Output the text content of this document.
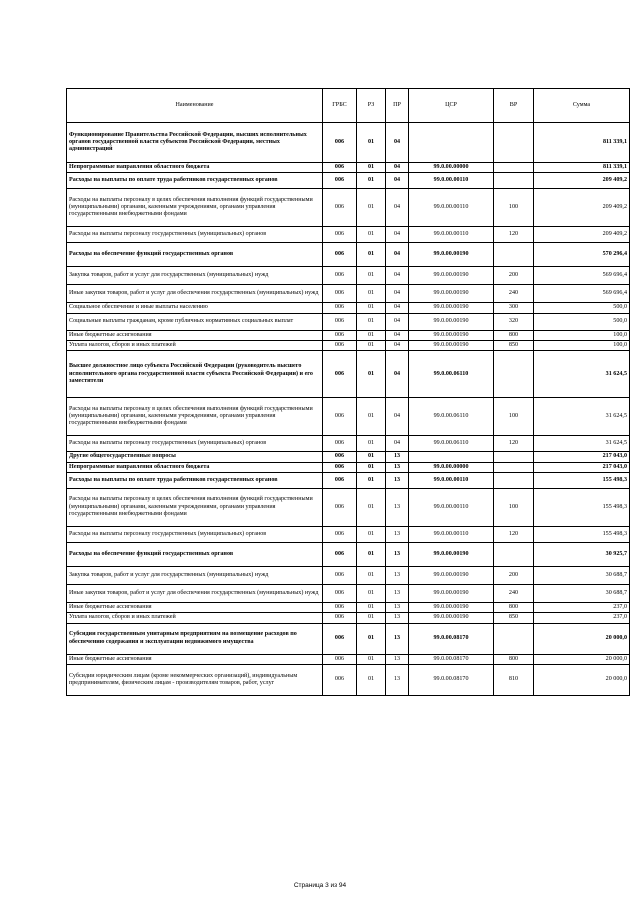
Наименование	ГРБС	РЗ	ПР	ЦСР	ВР	Сумма
Функционирование Правительства Российской Федерации, высших исполнительных органов государственной власти субъектов Российской Федерации, местных администраций	006	01	04			811 339,1
Непрограммные направления областного бюджета	006	01	04	99.0.00.00000		811 339,1
Расходы на выплаты по оплате труда работников государственных органов	006	01	04	99.0.00.00110		209 409,2
Расходы на выплаты персоналу в целях обеспечения выполнения функций государственными (муниципальными) органами, казенными учреждениями, органами управления государственными внебюджетными фондами	006	01	04	99.0.00.00110	100	209 409,2
Расходы на выплаты персоналу государственных (муниципальных) органов	006	01	04	99.0.00.00110	120	209 409,2
Расходы на обеспечение функций государственных органов	006	01	04	99.0.00.00190		570 296,4
Закупка товаров, работ и услуг для государственных (муниципальных) нужд	006	01	04	99.0.00.00190	200	569 696,4
Иные закупки товаров, работ и услуг для обеспечения государственных (муниципальных) нужд	006	01	04	99.0.00.00190	240	569 696,4
Социальное обеспечение и иные выплаты населению	006	01	04	99.0.00.00190	300	500,0
Социальные выплаты гражданам, кроме публичных нормативных социальных выплат	006	01	04	99.0.00.00190	320	500,0
Иные бюджетные ассигнования	006	01	04	99.0.00.00190	800	100,0
Уплата налогов, сборов и иных платежей	006	01	04	99.0.00.00190	850	100,0
Высшее должностное лицо субъекта Российской Федерации (руководитель высшего исполнительного органа государственной власти субъекта Российской Федерации) и его заместители	006	01	04	99.0.00.06110		31 624,5
Расходы на выплаты персоналу в целях обеспечения выполнения функций государственными (муниципальными) органами, казенными учреждениями, органами управления государственными внебюджетными фондами	006	01	04	99.0.00.06110	100	31 624,5
Расходы на выплаты персоналу государственных (муниципальных) органов	006	01	04	99.0.00.06110	120	31 624,5
Другие общегосударственные вопросы	006	01	13			217 043,0
Непрограммные направления областного бюджета	006	01	13	99.0.00.00000		217 043,0
Расходы на выплаты по оплате труда работников государственных органов	006	01	13	99.0.00.00110		155 498,3
Расходы на выплаты персоналу в целях обеспечения выполнения функций государственными (муниципальными) органами, казенными учреждениями, органами управления государственными внебюджетными фондами	006	01	13	99.0.00.00110	100	155 498,3
Расходы на выплаты персоналу государственных (муниципальных) органов	006	01	13	99.0.00.00110	120	155 498,3
Расходы на обеспечение функций государственных органов	006	01	13	99.0.00.00190		30 925,7
Закупка товаров, работ и услуг для государственных (муниципальных) нужд	006	01	13	99.0.00.00190	200	30 688,7
Иные закупки товаров, работ и услуг для обеспечения государственных (муниципальных) нужд	006	01	13	99.0.00.00190	240	30 688,7
Иные бюджетные ассигнования	006	01	13	99.0.00.00190	800	237,0
Уплата налогов, сборов и иных платежей	006	01	13	99.0.00.00190	850	237,0
Субсидии государственным унитарным предприятиям на возмещение расходов по обеспечению содержания и эксплуатации недвижимого имущества	006	01	13	99.0.00.08170		20 000,0
Иные бюджетные ассигнования	006	01	13	99.0.00.08170	800	20 000,0
Субсидии юридическим лицам (кроме некоммерческих организаций), индивидуальным предпринимателям, физическим лицам - производителям товаров, работ, услуг	006	01	13	99.0.00.08170	810	20 000,0
Страница 3 из 94
